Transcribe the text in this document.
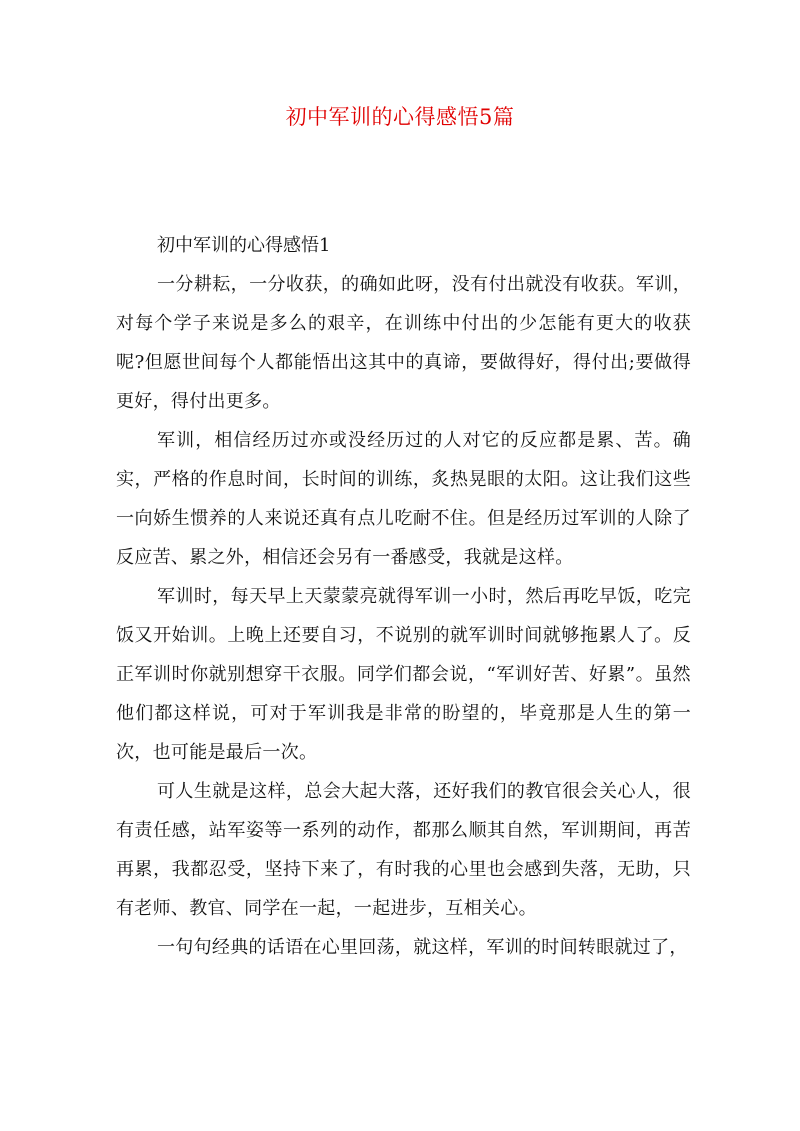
初中军训的心得感悟5篇
初中军训的心得感悟1

一分耕耘，一分收获，的确如此呀，没有付出就没有收获。军训，对每个学子来说是多么的艰辛，在训练中付出的少怎能有更大的收获呢?但愿世间每个人都能悟出这其中的真谛，要做得好，得付出;要做得更好，得付出更多。

军训，相信经历过亦或没经历过的人对它的反应都是累、苦。确实，严格的作息时间，长时间的训练，炙热晃眼的太阳。这让我们这些一向娇生惯养的人来说还真有点儿吃耐不住。但是经历过军训的人除了反应苦、累之外，相信还会另有一番感受，我就是这样。

军训时，每天早上天蒙蒙亮就得军训一小时，然后再吃早饭，吃完饭又开始训。上晚上还要自习，不说别的就军训时间就够拖累人了。反正军训时你就别想穿干衣服。同学们都会说，“军训好苦、好累”。虽然他们都这样说，可对于军训我是非常的盼望的，毕竟那是人生的第一次，也可能是最后一次。

可人生就是这样，总会大起大落，还好我们的教官很会关心人，很有责任感，站军姿等一系列的动作，都那么顺其自然，军训期间，再苦再累，我都忍受，坚持下来了，有时我的心里也会感到失落，无助，只有老师、教官、同学在一起，一起进步，互相关心。

一句句经典的话语在心里回荡，就这样，军训的时间转眼就过了，
